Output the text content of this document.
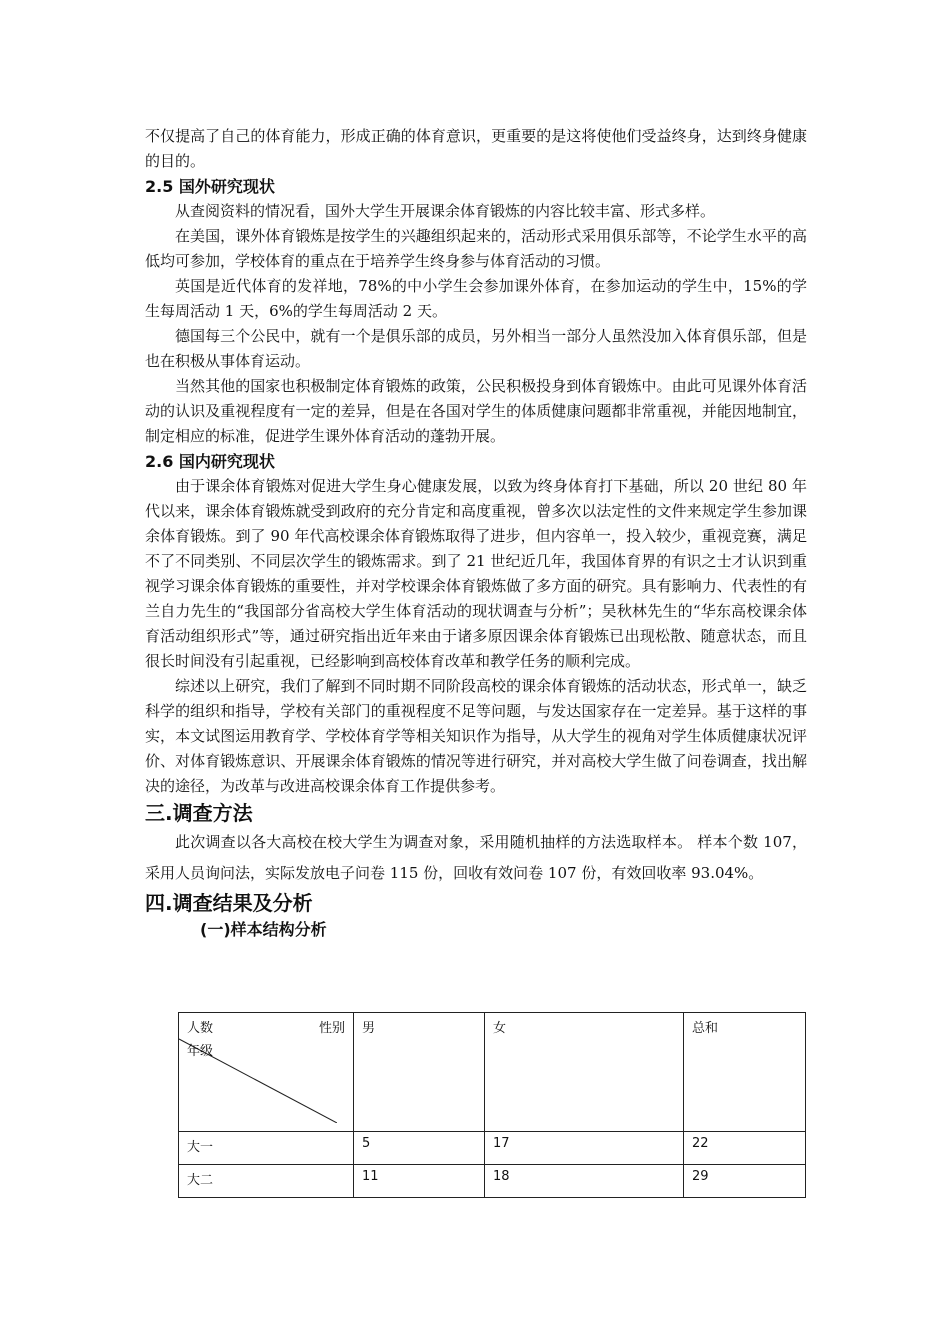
不仅提高了自己的体育能力，形成正确的体育意识，更重要的是这将使他们受益终身，达到终身健康的目的。

2.5 国外研究现状

从查阅资料的情况看，国外大学生开展课余体育锻炼的内容比较丰富、形式多样。

在美国，课外体育锻炼是按学生的兴趣组织起来的，活动形式采用俱乐部等，不论学生水平的高低均可参加，学校体育的重点在于培养学生终身参与体育活动的习惯。

英国是近代体育的发祥地，78%的中小学生会参加课外体育，在参加运动的学生中，15%的学生每周活动 1 天，6%的学生每周活动 2 天。

德国每三个公民中，就有一个是俱乐部的成员，另外相当一部分人虽然没加入体育俱乐部，但是也在积极从事体育运动。

当然其他的国家也积极制定体育锻炼的政策，公民积极投身到体育锻炼中。由此可见课外体育活动的认识及重视程度有一定的差异，但是在各国对学生的体质健康问题都非常重视，并能因地制宜，制定相应的标准，促进学生课外体育活动的蓬勃开展。

2.6 国内研究现状

由于课余体育锻炼对促进大学生身心健康发展，以致为终身体育打下基础，所以 20 世纪 80 年代以来，课余体育锻炼就受到政府的充分肯定和高度重视，曾多次以法定性的文件来规定学生参加课余体育锻炼。到了 90 年代高校课余体育锻炼取得了进步，但内容单一，投入较少，重视竞赛，满足不了不同类别、不同层次学生的锻炼需求。到了 21 世纪近几年，我国体育界的有识之士才认识到重视学习课余体育锻炼的重要性，并对学校课余体育锻炼做了多方面的研究。具有影响力、代表性的有兰自力先生的“我国部分省高校大学生体育活动的现状调查与分析”；吴秋林先生的“华东高校课余体育活动组织形式”等，通过研究指出近年来由于诸多原因课余体育锻炼已出现松散、随意状态，而且很长时间没有引起重视，已经影响到高校体育改革和教学任务的顺利完成。

综述以上研究，我们了解到不同时期不同阶段高校的课余体育锻炼的活动状态，形式单一，缺乏科学的组织和指导，学校有关部门的重视程度不足等问题，与发达国家存在一定差异。基于这样的事实，本文试图运用教育学、学校体育学等相关知识作为指导，从大学生的视角对学生体质健康状况评价、对体育锻炼意识、开展课余体育锻炼的情况等进行研究，并对高校大学生做了问卷调查，找出解决的途径，为改革与改进高校课余体育工作提供参考。

三.调查方法

此次调查以各大高校在校大学生为调查对象，采用随机抽样的方法选取样本。 样本个数 107，采用人员询问法，实际发放电子问卷 115 份，回收有效问卷 107 份，有效回收率 93.04%。

四.调查结果及分析
(一)样本结构分析
人数 性别
年级	男	女	总和
大一	5	17	22
大二	11	18	29
